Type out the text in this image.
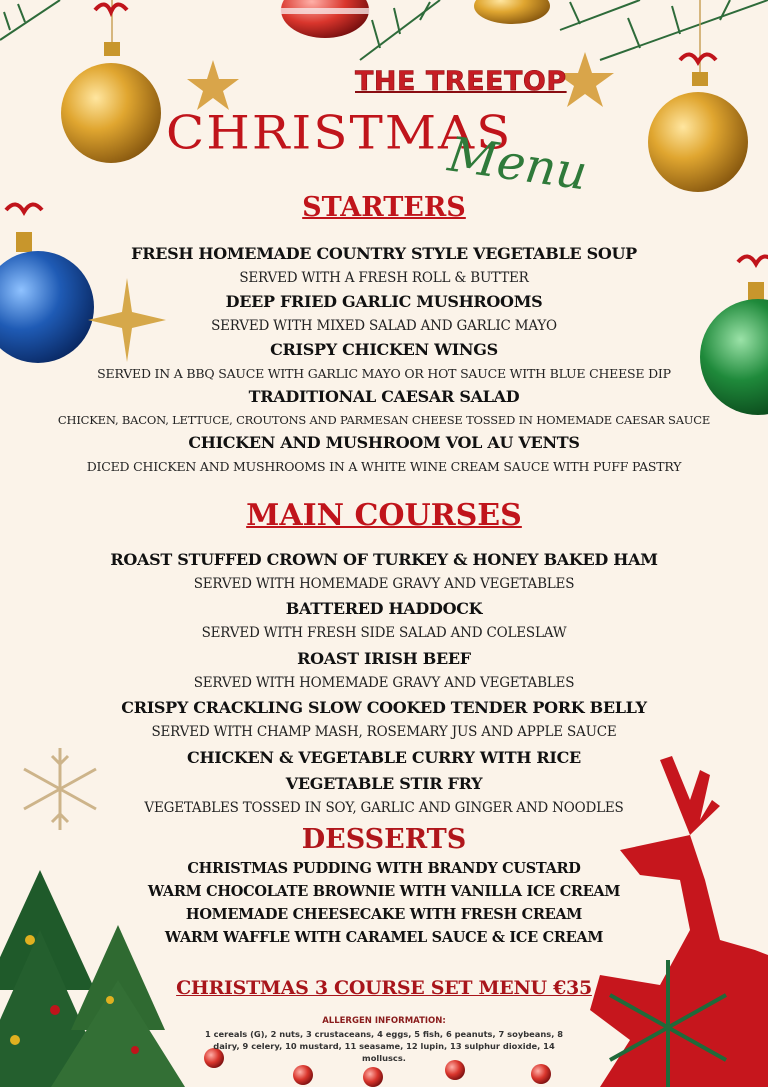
THE TREETOP
CHRISTMAS
Menu
STARTERS
FRESH HOMEMADE COUNTRY STYLE VEGETABLE SOUP
SERVED WITH A FRESH ROLL & BUTTER
DEEP FRIED GARLIC MUSHROOMS
SERVED WITH MIXED SALAD AND GARLIC MAYO
CRISPY CHICKEN WINGS
SERVED IN A BBQ SAUCE WITH GARLIC MAYO OR HOT SAUCE WITH BLUE CHEESE DIP
TRADITIONAL CAESAR SALAD
CHICKEN, BACON, LETTUCE, CROUTONS AND PARMESAN CHEESE TOSSED IN HOMEMADE CAESAR SAUCE
CHICKEN AND MUSHROOM VOL AU VENTS
DICED CHICKEN AND MUSHROOMS IN A WHITE WINE CREAM SAUCE WITH PUFF PASTRY
MAIN COURSES
ROAST STUFFED CROWN OF TURKEY & HONEY BAKED HAM
SERVED WITH HOMEMADE GRAVY AND VEGETABLES
BATTERED HADDOCK
SERVED WITH FRESH SIDE SALAD AND COLESLAW
ROAST IRISH BEEF
SERVED WITH HOMEMADE GRAVY AND VEGETABLES
CRISPY CRACKLING SLOW COOKED TENDER PORK BELLY
SERVED WITH CHAMP MASH, ROSEMARY JUS AND APPLE SAUCE
CHICKEN & VEGETABLE CURRY WITH RICE
VEGETABLE STIR FRY
VEGETABLES TOSSED IN SOY, GARLIC AND GINGER AND NOODLES
DESSERTS
CHRISTMAS PUDDING WITH BRANDY CUSTARD
WARM CHOCOLATE BROWNIE WITH VANILLA ICE CREAM
HOMEMADE CHEESECAKE WITH FRESH CREAM
WARM WAFFLE WITH CARAMEL SAUCE & ICE CREAM
CHRISTMAS 3 COURSE SET MENU €35
ALLERGEN INFORMATION:
1 cereals (G), 2 nuts, 3 crustaceans, 4 eggs, 5 fish, 6 peanuts, 7 soybeans, 8
dairy, 9 celery, 10 mustard, 11 seasame, 12 lupin, 13 sulphur dioxide, 14
molluscs.
